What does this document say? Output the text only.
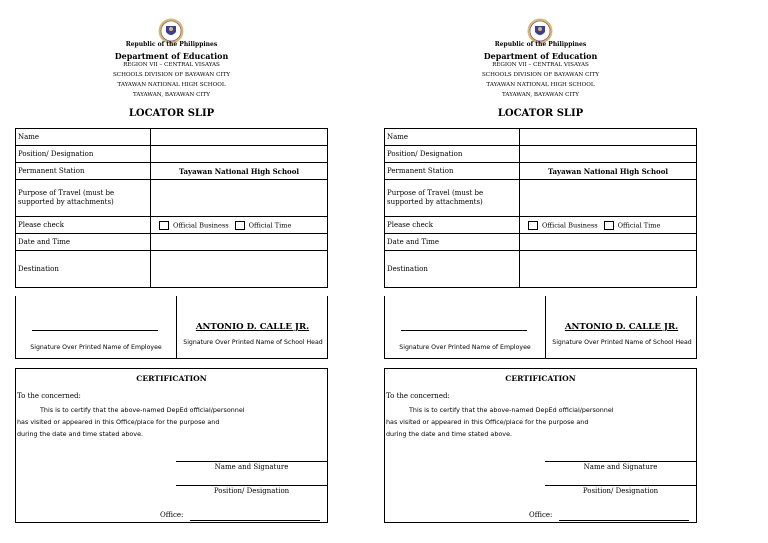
Republic of the Philippines
Department of Education
REGION VII – CENTRAL VISAYAS
SCHOOLS DIVISION OF BAYAWAN CITY
TAYAWAN NATIONAL HIGH SCHOOL
TAYAWAN, BAYAWAN CITY
LOCATOR SLIP
Name	
Position/ Designation	
Permanent Station	Tayawan National High School
Purpose of Travel (must be supported by attachments)	
Please check	Official Business Official Time
Date and Time	
Destination	
Signature Over Printed Name of Employee
ANTONIO D. CALLE JR.
Signature Over Printed Name of School Head
CERTIFICATION
To the concerned:
This is to certify that the above-named DepEd official/personnel
has visited or appeared in this Office/place for the purpose and
during the date and time stated above.
Name and Signature
Position/ Designation
Office:
Republic of the Philippines
Department of Education
REGION VII – CENTRAL VISAYAS
SCHOOLS DIVISION OF BAYAWAN CITY
TAYAWAN NATIONAL HIGH SCHOOL
TAYAWAN, BAYAWAN CITY
LOCATOR SLIP
Name	
Position/ Designation	
Permanent Station	Tayawan National High School
Purpose of Travel (must be supported by attachments)	
Please check	Official Business Official Time
Date and Time	
Destination	
Signature Over Printed Name of Employee
ANTONIO D. CALLE JR.
Signature Over Printed Name of School Head
CERTIFICATION
To the concerned:
This is to certify that the above-named DepEd official/personnel
has visited or appeared in this Office/place for the purpose and
during the date and time stated above.
Name and Signature
Position/ Designation
Office:
